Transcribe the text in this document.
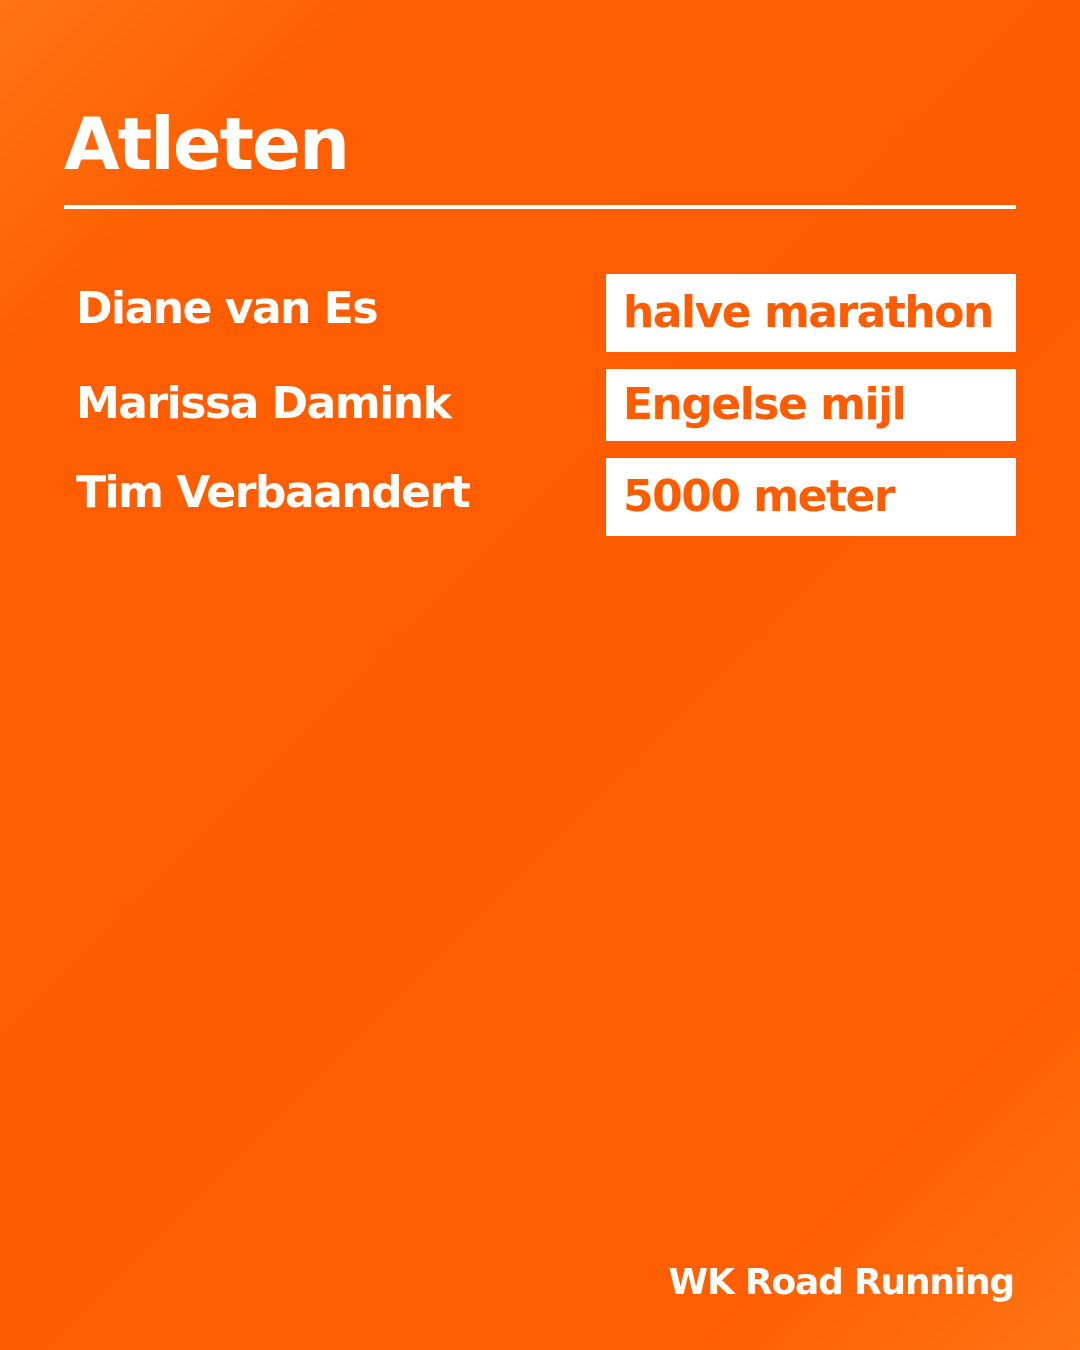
Atleten
Diane van Es	halve marathon
Marissa Damink	Engelse mijl
Tim Verbaandert	5000 meter
WK Road Running
